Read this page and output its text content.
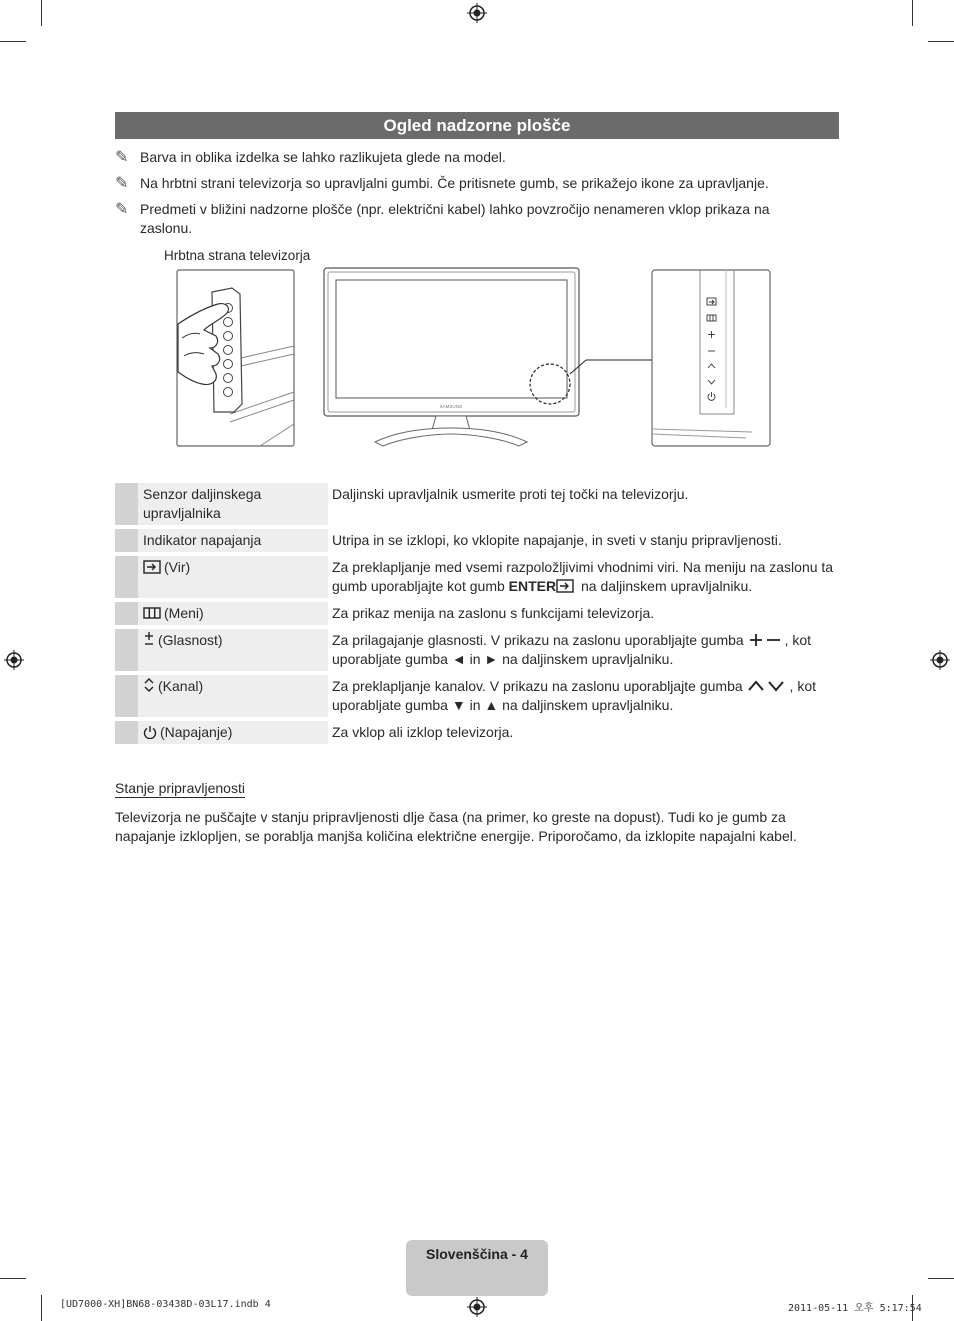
Ogled nadzorne plošče
✎ Barva in oblika izdelka se lahko razlikujeta glede na model.
✎ Na hrbtni strani televizorja so upravljalni gumbi. Če pritisnete gumb, se prikažejo ikone za upravljanje.
✎ Predmeti v bližini nadzorne plošče (npr. električni kabel) lahko povzročijo nenameren vklop prikaza na zaslonu.
Hrbtna strana televizorja
SAMSUNG
	Senzor daljinskega upravljalnika	Daljinski upravljalnik usmerite proti tej točki na televizorju.
	Indikator napajanja	Utripa in se izklopi, ko vklopite napajanje, in sveti v stanju pripravljenosti.
	(Vir)	Za preklapljanje med vsemi razpoložljivimi vhodnimi viri. Na meniju na zaslonu ta gumb uporabljajte kot gumb ENTER na daljinskem upravljalniku.
	(Meni)	Za prikaz menija na zaslonu s funkcijami televizorja.
	(Glasnost)	Za prilagajanje glasnosti. V prikazu na zaslonu uporabljajte gumba , kot uporabljate gumba ◄ in ► na daljinskem upravljalniku.
	(Kanal)	Za preklapljanje kanalov. V prikazu na zaslonu uporabljajte gumba , kot uporabljate gumba ▼ in ▲ na daljinskem upravljalniku.
	(Napajanje)	Za vklop ali izklop televizorja.
Stanje pripravljenosti
Televizorja ne puščajte v stanju pripravljenosti dlje časa (na primer, ko greste na dopust). Tudi ko je gumb za napajanje izklopljen, se porablja manjša količina električne energije. Priporočamo, da izklopite napajalni kabel.
Slovenščina - 4
[UD7000-XH]BN68-03438D-03L17.indb 4	2011-05-11 오후 5:17:54
